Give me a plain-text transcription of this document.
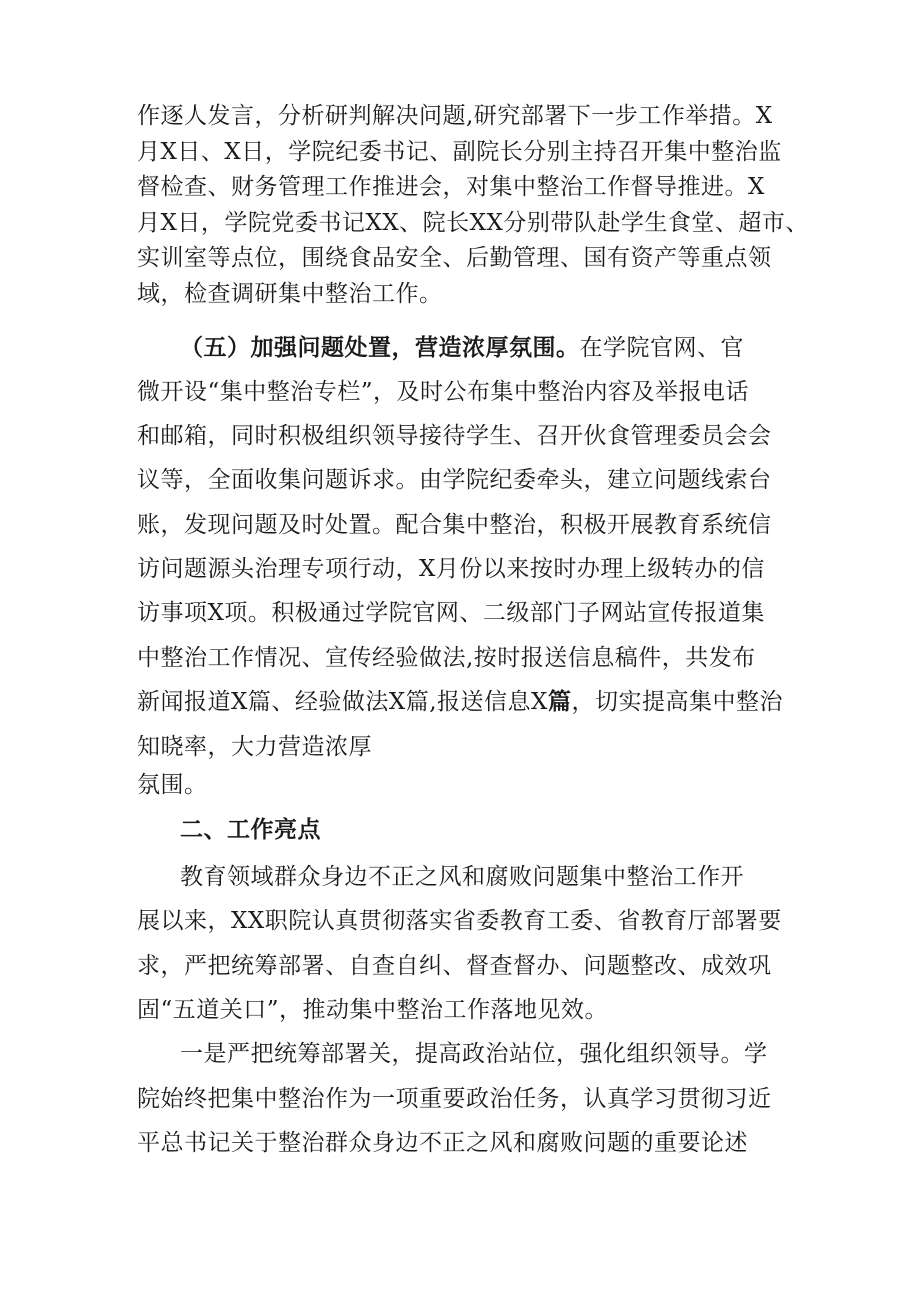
作逐人发言，分析研判解决问题,研究部署下一步工作举措。X
月X日、X日，学院纪委书记、副院长分别主持召开集中整治监
督检查、财务管理工作推进会，对集中整治工作督导推进。X
月X日，学院党委书记XX、院长XX分别带队赴学生食堂、超市、
实训室等点位，围绕食品安全、后勤管理、国有资产等重点领
域，检查调研集中整治工作。
（五）加强问题处置，营造浓厚氛围。在学院官网、官
微开设“集中整治专栏”，及时公布集中整治内容及举报电话
和邮箱，同时积极组织领导接待学生、召开伙食管理委员会会
议等，全面收集问题诉求。由学院纪委牵头，建立问题线索台
账，发现问题及时处置。配合集中整治，积极开展教育系统信
访问题源头治理专项行动，X月份以来按时办理上级转办的信
访事项X项。积极通过学院官网、二级部门子网站宣传报道集
中整治工作情况、宣传经验做法,按时报送信息稿件，共发布
新闻报道X篇、经验做法X篇,报送信息X篇，切实提高集中整治
知晓率，大力营造浓厚
氛围。
二、工作亮点
教育领域群众身边不正之风和腐败问题集中整治工作开
展以来，XX职院认真贯彻落实省委教育工委、省教育厅部署要
求，严把统筹部署、自查自纠、督查督办、问题整改、成效巩
固“五道关口”，推动集中整治工作落地见效。
一是严把统筹部署关，提高政治站位，强化组织领导。学
院始终把集中整治作为一项重要政治任务，认真学习贯彻习近
平总书记关于整治群众身边不正之风和腐败问题的重要论述
